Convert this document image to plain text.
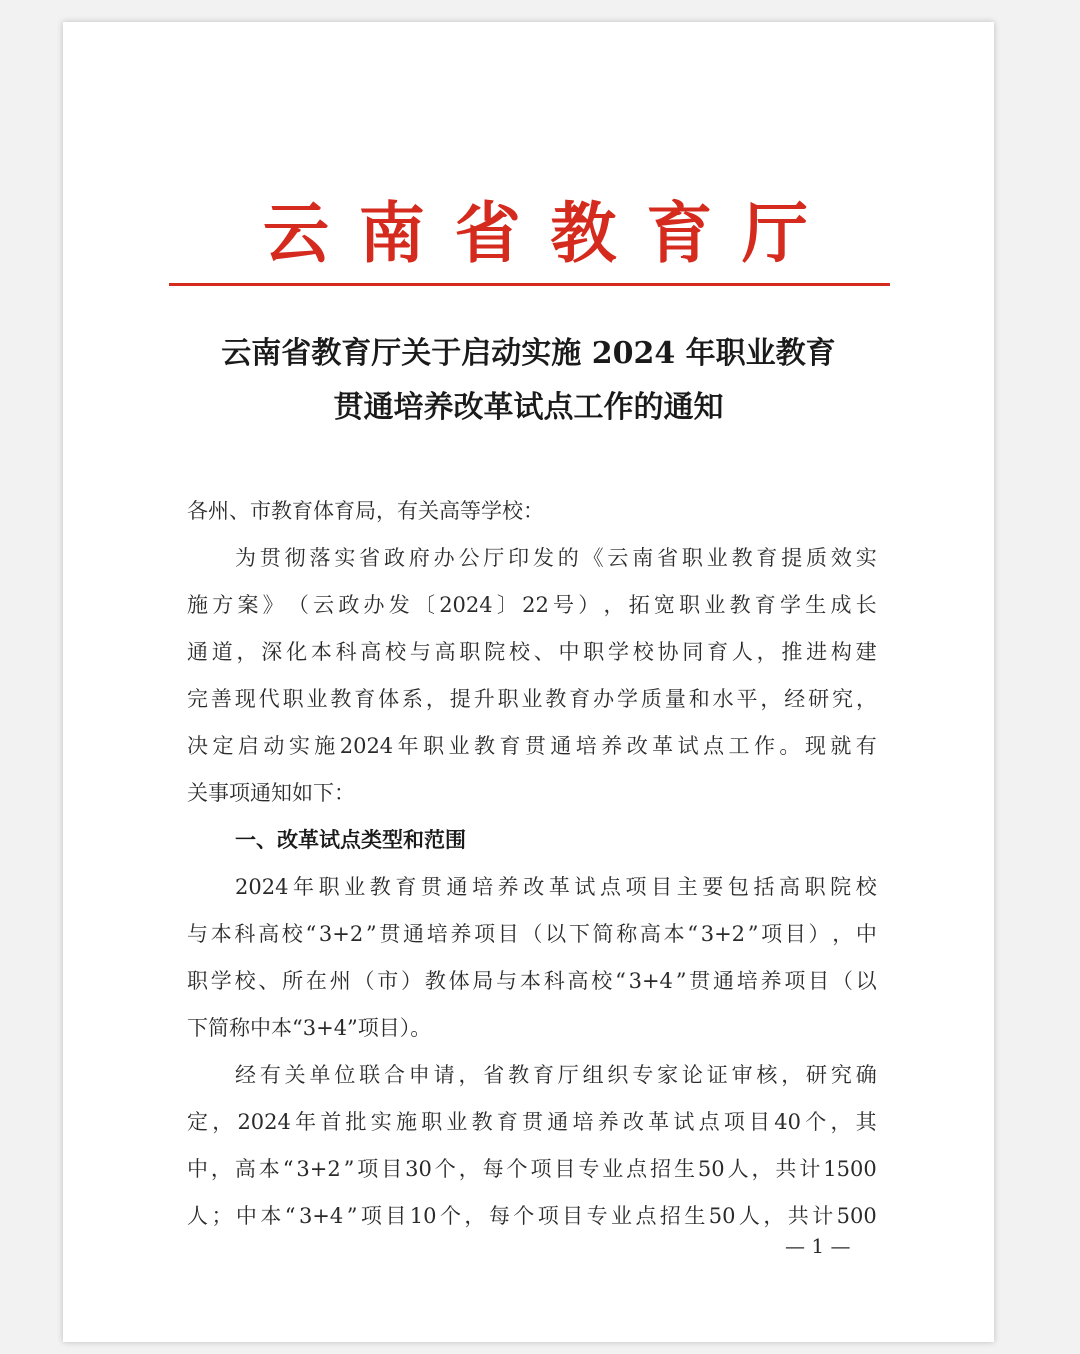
云 南 省 教 育 厅
云南省教育厅关于启动实施 2024 年职业教育
贯通培养改革试点工作的通知
各州、市教育体育局，有关高等学校：
为 贯 彻 落 实 省 政 府 办 公 厅 印 发 的 《 云 南 省 职 业 教 育 提 质 效 实
施 方 案 》 （ 云 政 办 发 〔 2024 〕 22 号 ） ， 拓 宽 职 业 教 育 学 生 成 长
通 道 ， 深 化 本 科 高 校 与 高 职 院 校 、 中 职 学 校 协 同 育 人 ， 推 进 构 建
完 善 现 代 职 业 教 育 体 系 ， 提 升 职 业 教 育 办 学 质 量 和 水 平 ， 经 研 究 ，
决 定 启 动 实 施 2024 年 职 业 教 育 贯 通 培 养 改 革 试 点 工 作 。 现 就 有
关事项通知如下：
一、改革试点类型和范围
2024 年 职 业 教 育 贯 通 培 养 改 革 试 点 项 目 主 要 包 括 高 职 院 校
与 本 科 高 校 “ 3+2 ” 贯 通 培 养 项 目 （ 以 下 简 称 高 本 “ 3+2 ” 项 目 ） ， 中
职 学 校 、 所 在 州 （ 市 ） 教 体 局 与 本 科 高 校 “ 3+4 ” 贯 通 培 养 项 目 （ 以
下简称中本“3+4”项目）。
经 有 关 单 位 联 合 申 请 ， 省 教 育 厅 组 织 专 家 论 证 审 核 ， 研 究 确
定 ， 2024 年 首 批 实 施 职 业 教 育 贯 通 培 养 改 革 试 点 项 目 40 个 ， 其
中 ， 高 本 “ 3+2 ” 项 目 30 个 ， 每 个 项 目 专 业 点 招 生 50 人 ， 共 计 1500
人 ； 中 本 “ 3+4 ” 项 目 10 个 ， 每 个 项 目 专 业 点 招 生 50 人 ， 共 计 500
— 1 —
